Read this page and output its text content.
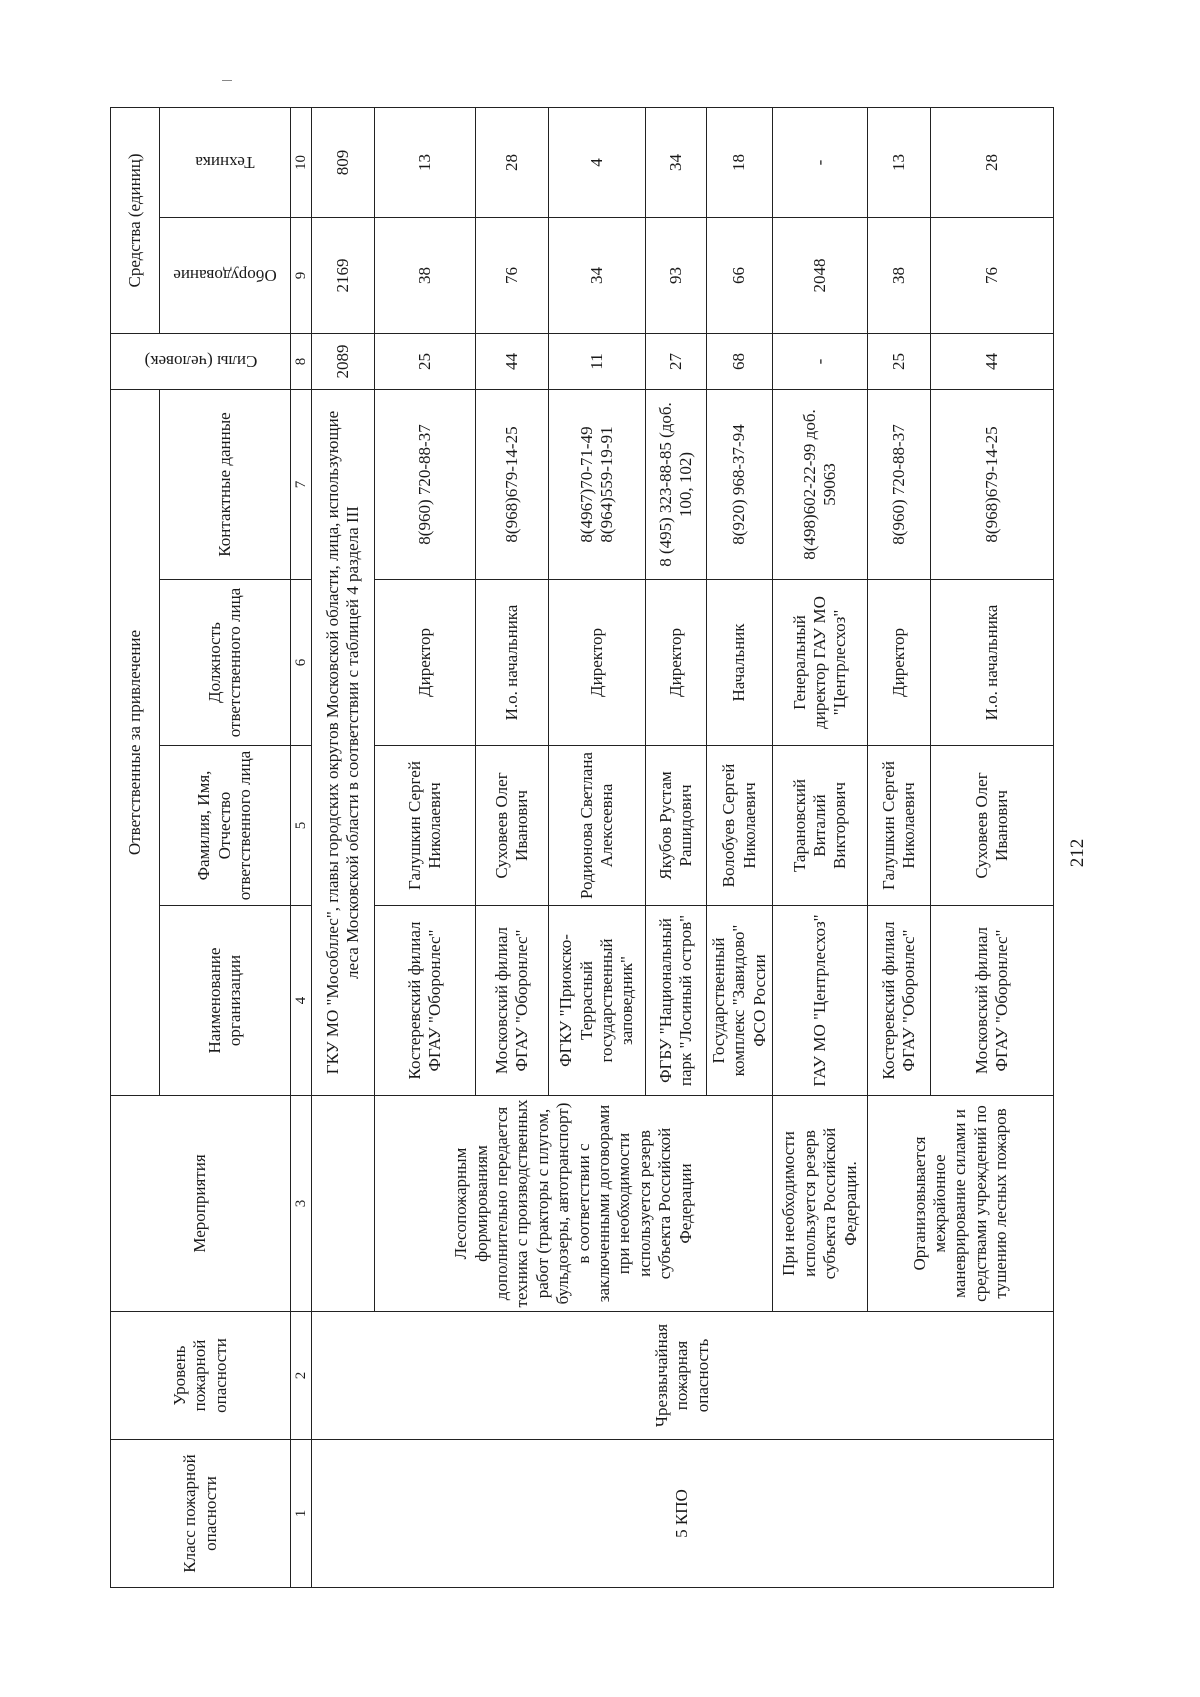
Класс пожарной опасности	Уровень пожарной опасности	Мероприятия	Ответственные за привлечение				Силы (человек)	Средства (единиц)	
			Наименование организации	Фамилия, Имя, Отчество ответственного лица	Должность ответственного лица	Контактные данные		Оборудование	Техника

1	2	3	4	5	6	7	8	9	10
5 КПО	Чрезвычайная пожарная опасность		ГКУ МО "Мособллес", главы городских округов Московской области, лица, использующие леса Московской области в соответствии с таблицей 4 раздела III				2089	2169	809
		Лесопожарным формированиям дополнительно передается техника с производственных работ (тракторы с плугом, бульдозеры, автотранспорт) в соответствии с заключенными договорами при необходимости используется резерв субъекта Российской Федерации	Костеревский филиал ФГАУ "Оборонлес"	Галушкин Сергей Николаевич	Директор	8(960) 720-88-37	25	38	13
			Московский филиал ФГАУ "Оборонлес"	Суховеев Олег Иванович	И.о. начальника	8(968)679-14-25	44	76	28
			ФГКУ "Приокско-Террасный государственный заповедник"	Родионова Светлана Алексеевна	Директор	8(4967)70-71-49 8(964)559-19-91	11	34	4
			ФГБУ "Национальный парк "Лосиный остров"	Якубов Рустам Рашидович	Директор	8 (495) 323-88-85 (доб. 100, 102)	27	93	34
			Государственный комплекс "Завидово" ФСО России	Волобуев Сергей Николаевич	Начальник	8(920) 968-37-94	68	66	18
		При необходимости используется резерв субъекта Российской Федерации.	ГАУ МО "Центрлесхоз"	Тарановский Виталий Викторович	Генеральный директор ГАУ МО "Центрлесхоз"	8(498)602-22-99 доб. 59063	-	2048	-
		Организовывается межрайонное маневрирование силами и средствами учреждений по тушению лесных пожаров	Костеревский филиал ФГАУ "Оборонлес"	Галушкин Сергей Николаевич	Директор	8(960) 720-88-37	25	38	13
			Московский филиал ФГАУ "Оборонлес"	Суховеев Олег Иванович	И.о. начальника	8(968)679-14-25	44	76	28
212
